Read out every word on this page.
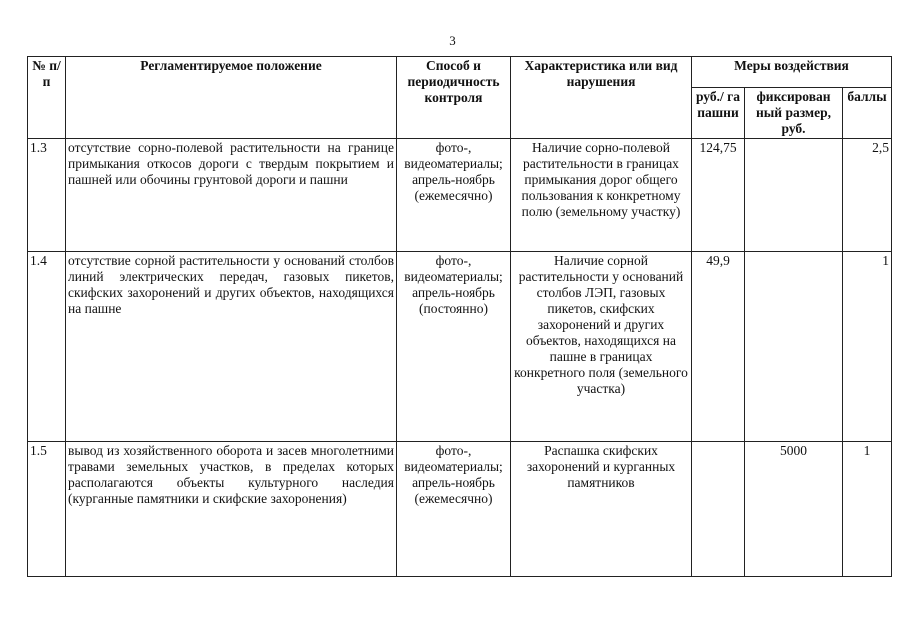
3
№ п/п	Регламентируемое положение	Способ и периодичность контроля	Характеристика или вид нарушения	Меры воздействия		
				руб./ га пашни	фиксирован ный размер, руб.	баллы
1.3	отсутствие сорно-полевой растительности на границе примыкания откосов дороги с твердым покрытием и пашней или обочины грунтовой дороги и пашни	фото-, видеоматериалы; апрель-ноябрь (ежемесячно)	Наличие сорно-полевой растительности в границах примыкания дорог общего пользования к конкретному полю (земельному участку)	124,75		2,5
1.4	отсутствие сорной растительности у оснований столбов линий электрических передач, газовых пикетов, скифских захоронений и других объектов, находящихся на пашне	фото-, видеоматериалы; апрель-ноябрь (постоянно)	Наличие сорной растительности у оснований столбов ЛЭП, газовых пикетов, скифских захоронений и других объектов, находящихся на пашне в границах конкретного поля (земельного участка)	49,9		1
1.5	вывод из хозяйственного оборота и засев многолетними травами земельных участков, в пределах которых располагаются объекты культурного наследия (курганные памятники и скифские захоронения)	фото-, видеоматериалы; апрель-ноябрь (ежемесячно)	Распашка скифских захоронений и курганных памятников		5000	1
